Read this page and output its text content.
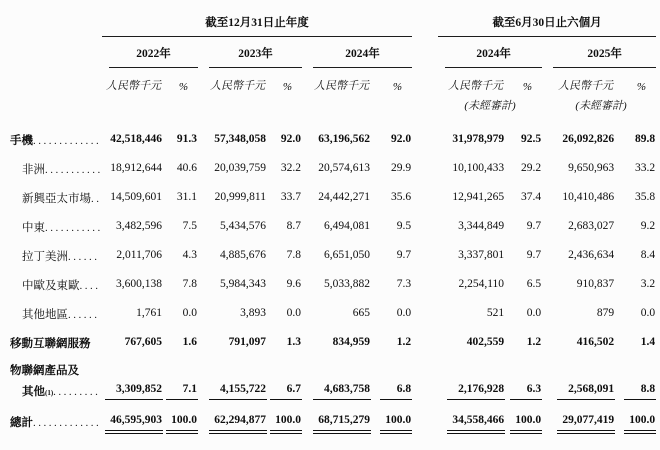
	截至12月31日止年度							截至6月30日止六個月			

	2022年		2023年		2024年			2024年		2025年	

	人民幣千元	%	人民幣千元	%	人民幣千元	%		人民幣千元	%	人民幣千元	%
								(未經審計)		(未經審計)	

手機
.....	42,518,446	91.3	57,348,058	92.0	63,196,562	92.0		31,978,979	92.5	26,092,826	89.8

非洲
.....	18,912,644	40.6	20,039,759	32.2	20,574,613	29.9		10,100,433	29.2	9,650,963	33.2

新興亞太市場
.....	14,509,601	31.1	20,999,811	33.7	24,442,271	35.6		12,941,265	37.4	10,410,486	35.8

中東
.....	3,482,596	7.5	5,434,576	8.7	6,494,081	9.5		3,344,849	9.7	2,683,027	9.2

拉丁美洲
.....	2,011,706	4.3	4,885,676	7.8	6,651,050	9.7		3,337,801	9.7	2,436,634	8.4

中歐及東歐
.....	3,600,138	7.8	5,984,343	9.6	5,033,882	7.3		2,254,110	6.5	910,837	3.2

其他地區
.....	1,761	0.0	3,893	0.0	665	0.0		521	0.0	879	0.0

移動互聯網服務	767,605	1.6	791,097	1.3	834,959	1.2		402,559	1.2	416,502	1.4

物聯網產品及
其他 (1)
.....	3,309,852	7.1	4,155,722	6.7	4,683,758	6.8		2,176,928	6.3	2,568,091	8.8

總計
.....	46,595,903	100.0	62,294,877	100.0	68,715,279	100.0		34,558,466	100.0	29,077,419	100.0
